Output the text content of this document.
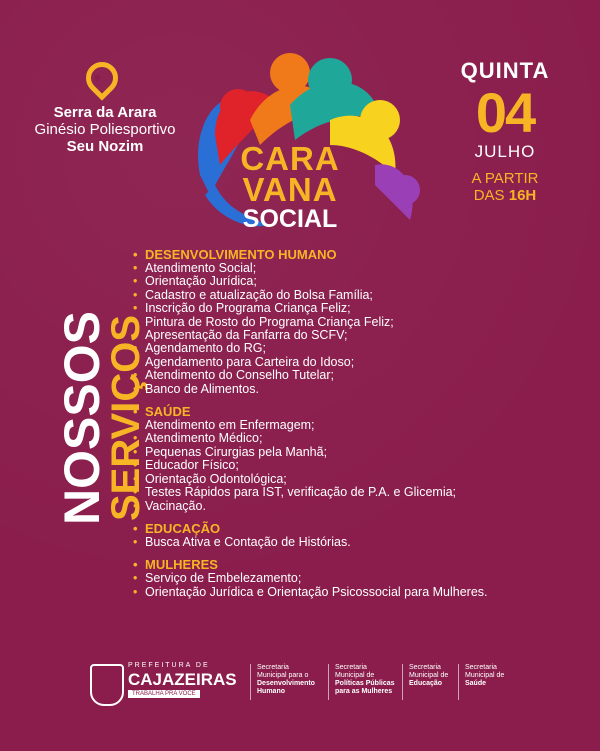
Serra da Arara
Ginésio Poliesportivo
Seu Nozim	CARA
VANA
SOCIAL
QUINTA
04
JULHO
A PARTIR
DAS 16H
NOSSOS
SERVIÇOS
• DESENVOLVIMENTO HUMANO
• Atendimento Social;
• Orientação Jurídica;
• Cadastro e atualização do Bolsa Família;
• Inscrição do Programa Criança Feliz;
• Pintura de Rosto do Programa Criança Feliz;
• Apresentação da Fanfarra do SCFV;
• Agendamento do RG;
• Agendamento para Carteira do Idoso;
• Atendimento do Conselho Tutelar;
• Banco de Alimentos.
• SAÚDE
• Atendimento em Enfermagem;
• Atendimento Médico;
• Pequenas Cirurgias pela Manhã;
• Educador Físico;
• Orientação Odontológica;
• Testes Rápidos para IST, verificação de P.A. e Glicemia;
• Vacinação.
• EDUCAÇÃO
• Busca Ativa e Contação de Histórias.
• MULHERES
• Serviço de Embelezamento;
• Orientação Jurídica e Orientação Psicossocial para Mulheres.
PREFEITURA DE
CAJAZEIRAS
TRABALHA PRA VOCE
Secretaria
Municipal para o
Desenvolvimento
Humano
Secretaria
Municipal de
Políticas Públicas
para as Mulheres
Secretaria
Municipal de
Educação
Secretaria
Municipal de
Saúde
